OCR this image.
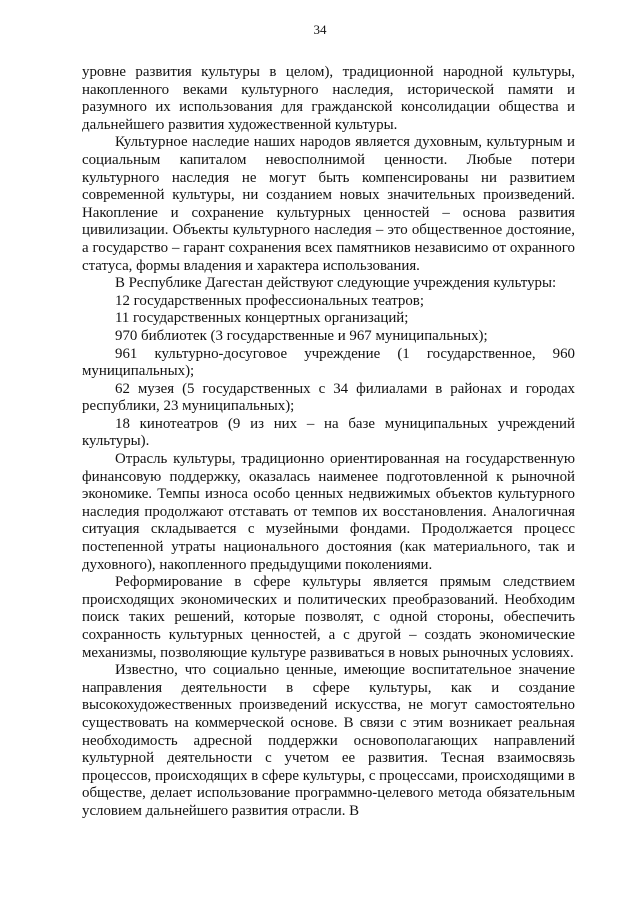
34

уровне развития культуры в целом), традиционной народной культуры, накопленного веками культурного наследия, исторической памяти и разумного их использования для гражданской консолидации общества и дальнейшего развития художественной культуры.

Культурное наследие наших народов является духовным, культурным и социальным капиталом невосполнимой ценности. Любые потери культурного наследия не могут быть компенсированы ни развитием современной культуры, ни созданием новых значительных произведений. Накопление и сохранение культурных ценностей – основа развития цивилизации. Объекты культурного наследия – это общественное достояние, а государство – гарант сохранения всех памятников независимо от охранного статуса, формы владения и характера использования.

В Республике Дагестан действуют следующие учреждения культуры:

12 государственных профессиональных театров;

11 государственных концертных организаций;

970 библиотек (3 государственные и 967 муниципальных);

961 культурно-досуговое учреждение (1 государственное, 960 муниципальных);

62 музея (5 государственных с 34 филиалами в районах и городах республики, 23 муниципальных);

18 кинотеатров (9 из них – на базе муниципальных учреждений культуры).

Отрасль культуры, традиционно ориентированная на государственную финансовую поддержку, оказалась наименее подготовленной к рыночной экономике. Темпы износа особо ценных недвижимых объектов культурного наследия продолжают отставать от темпов их восстановления. Аналогичная ситуация складывается с музейными фондами. Продолжается процесс постепенной утраты национального достояния (как материального, так и духовного), накопленного предыдущими поколениями.

Реформирование в сфере культуры является прямым следствием происходящих экономических и политических преобразований. Необходим поиск таких решений, которые позволят, с одной стороны, обеспечить сохранность культурных ценностей, а с другой – создать экономические механизмы, позволяющие культуре развиваться в новых рыночных условиях.

Известно, что социально ценные, имеющие воспитательное значение направления деятельности в сфере культуры, как и создание высокохудожественных произведений искусства, не могут самостоятельно существовать на коммерческой основе. В связи с этим возникает реальная необходимость адресной поддержки основополагающих направлений культурной деятельности с учетом ее развития. Тесная взаимосвязь процессов, происходящих в сфере культуры, с процессами, происходящими в обществе, делает использование программно-целевого метода обязательным условием дальнейшего развития отрасли. В
